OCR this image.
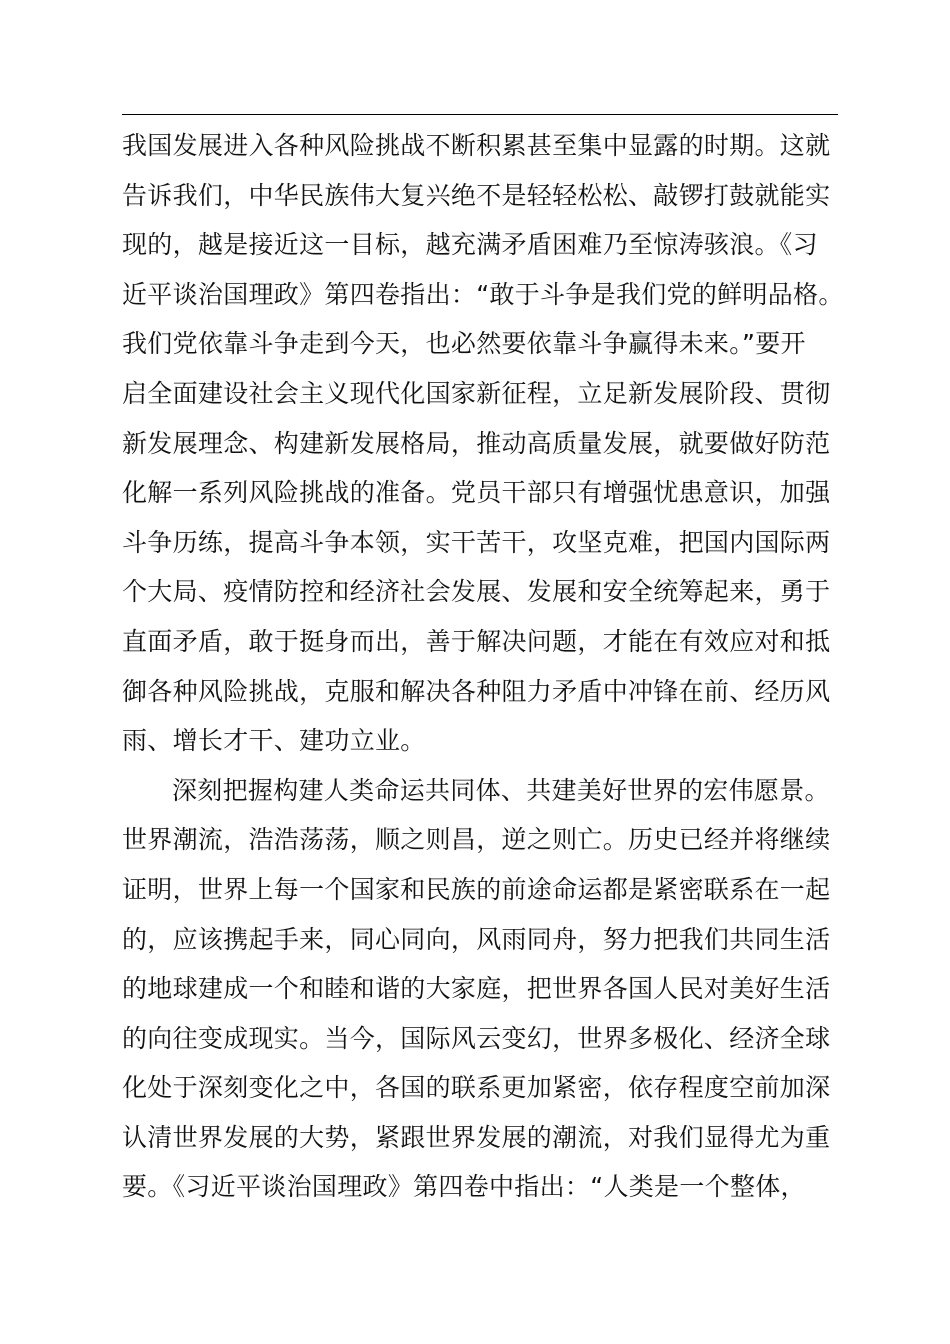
我国发展进入各种风险挑战不断积累甚至集中显露的时期。这就
告诉我们，中华民族伟大复兴绝不是轻轻松松、敲锣打鼓就能实
现的，越是接近这一目标，越充满矛盾困难乃至惊涛骇浪。《习
近平谈治国理政》第四卷指出：“敢于斗争是我们党的鲜明品格。
我们党依靠斗争走到今天，也必然要依靠斗争赢得未来。”要开
启全面建设社会主义现代化国家新征程，立足新发展阶段、贯彻
新发展理念、构建新发展格局，推动高质量发展，就要做好防范
化解一系列风险挑战的准备。党员干部只有增强忧患意识，加强
斗争历练，提高斗争本领，实干苦干，攻坚克难，把国内国际两
个大局、疫情防控和经济社会发展、发展和安全统筹起来，勇于
直面矛盾，敢于挺身而出，善于解决问题，才能在有效应对和抵
御各种风险挑战，克服和解决各种阻力矛盾中冲锋在前、经历风
雨、增长才干、建功立业。
深刻把握构建人类命运共同体、共建美好世界的宏伟愿景。
世界潮流，浩浩荡荡，顺之则昌，逆之则亡。历史已经并将继续
证明，世界上每一个国家和民族的前途命运都是紧密联系在一起
的，应该携起手来，同心同向，风雨同舟，努力把我们共同生活
的地球建成一个和睦和谐的大家庭，把世界各国人民对美好生活
的向往变成现实。当今，国际风云变幻，世界多极化、经济全球
化处于深刻变化之中，各国的联系更加紧密，依存程度空前加深
认清世界发展的大势，紧跟世界发展的潮流，对我们显得尤为重
要。《习近平谈治国理政》第四卷中指出：“人类是一个整体，
